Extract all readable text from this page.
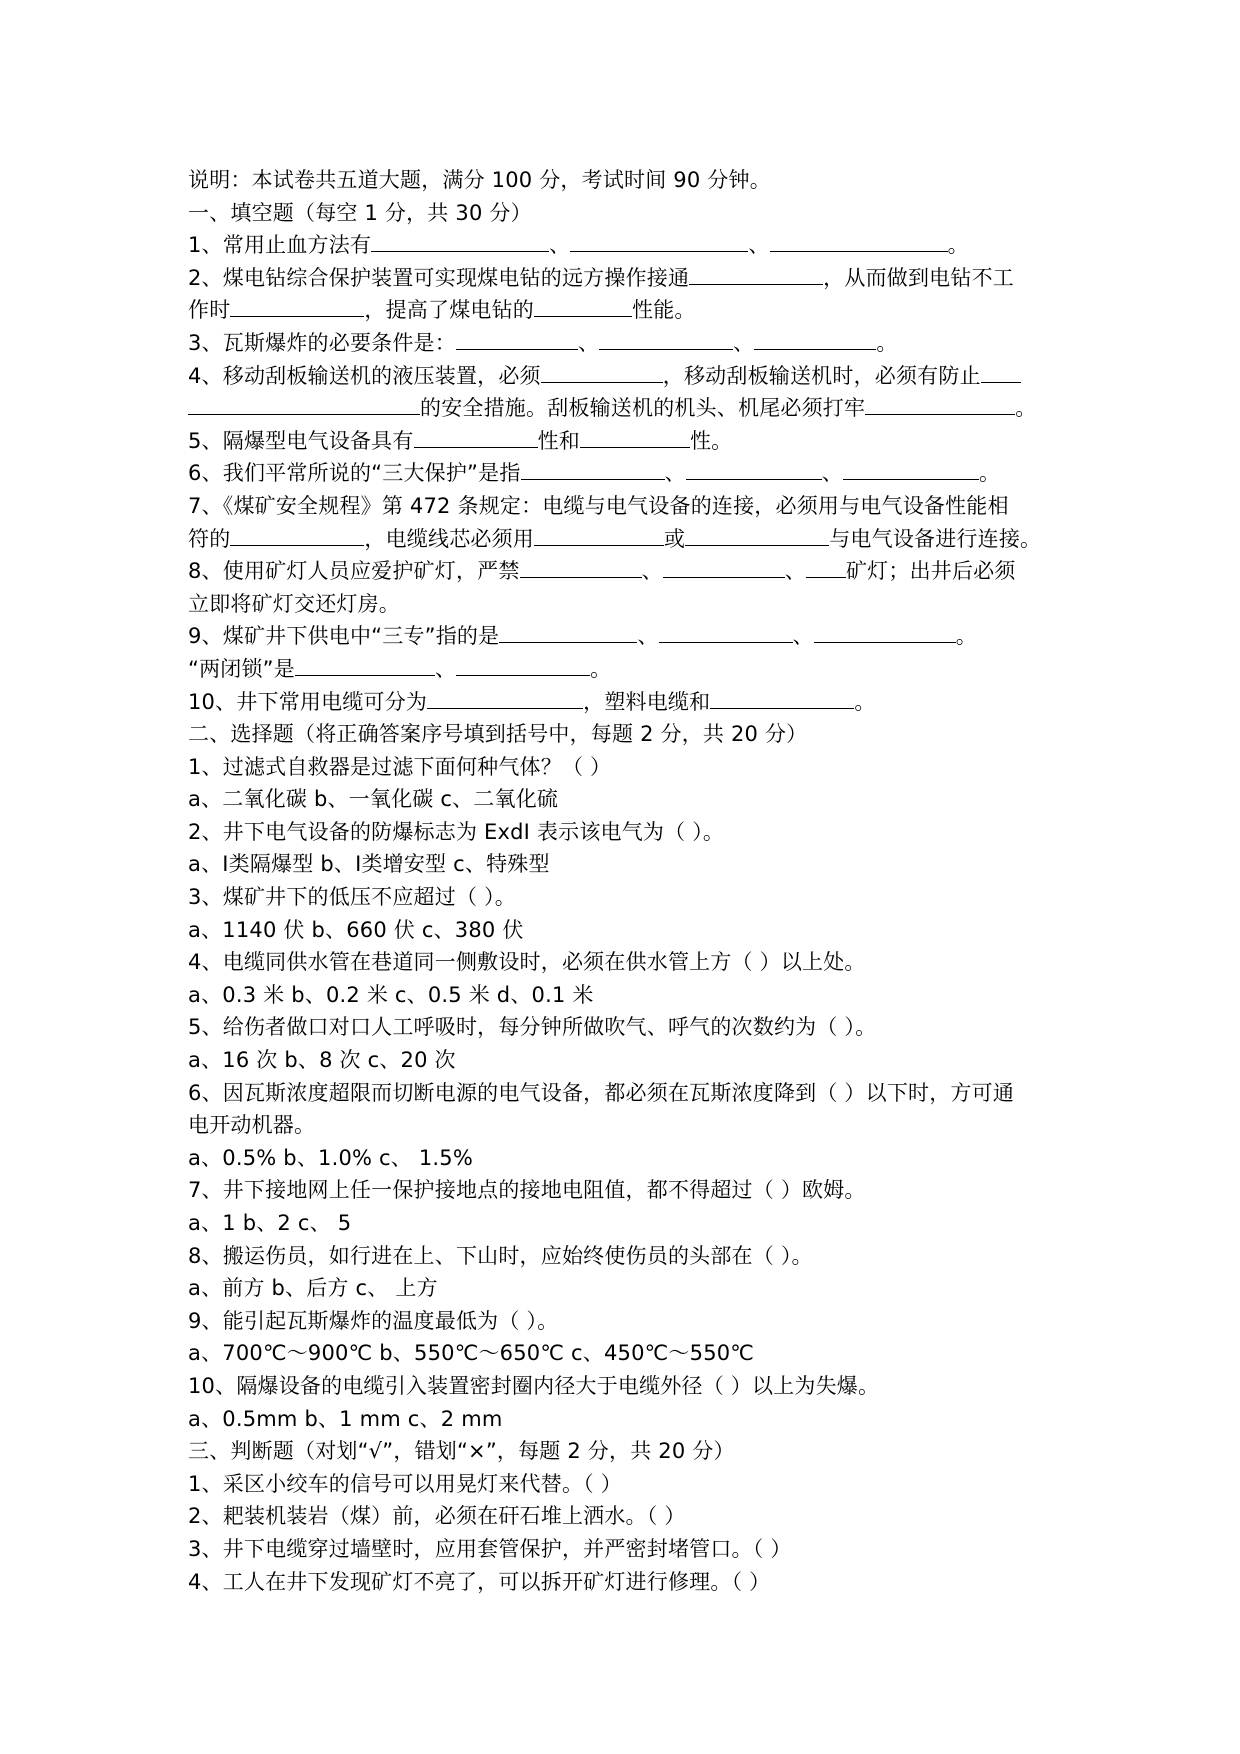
说明：本试卷共五道大题，满分 100 分，考试时间 90 分钟。
一、填空题（每空 1 分，共 30 分）
1、常用止血方法有	、	、	。
2、煤电钻综合保护装置可实现煤电钻的远方操作接通	，从而做到电钻不工
作时	，提高了煤电钻的	性能。
3、瓦斯爆炸的必要条件是：	、	、	。
4、移动刮板输送机的液压装置，必须	，移动刮板输送机时，必须有防止
的安全措施。刮板输送机的机头、机尾必须打牢	。
5、隔爆型电气设备具有	性和	性。
6、我们平常所说的“三大保护”是指	、	、	。
7、《煤矿安全规程》第 472 条规定：电缆与电气设备的连接，必须用与电气设备性能相
符的	，电缆线芯必须用	或	与电气设备进行连接。
8、使用矿灯人员应爱护矿灯，严禁	、	、 矿灯；出井后必须
立即将矿灯交还灯房。
9、煤矿井下供电中“三专”指的是	、	、	。
“两闭锁”是	、	。
10、井下常用电缆可分为	，塑料电缆和	。
二、选择题（将正确答案序号填到括号中，每题 2 分，共 20 分）
1、过滤式自救器是过滤下面何种气体？（ ）
a、二氧化碳 b、一氧化碳 c、二氧化硫
2、井下电气设备的防爆标志为 ExdI 表示该电气为（ ）。
a、Ⅰ类隔爆型 b、Ⅰ类增安型 c、特殊型
3、煤矿井下的低压不应超过（ ）。
a、1140 伏 b、660 伏 c、380 伏
4、电缆同供水管在巷道同一侧敷设时，必须在供水管上方（ ）以上处。
a、0.3 米 b、0.2 米 c、0.5 米 d、0.1 米
5、给伤者做口对口人工呼吸时，每分钟所做吹气、呼气的次数约为（ ）。
a、16 次 b、8 次 c、20 次
6、因瓦斯浓度超限而切断电源的电气设备，都必须在瓦斯浓度降到（ ）以下时，方可通
电开动机器。
a、0.5% b、1.0% c、 1.5%
7、井下接地网上任一保护接地点的接地电阻值，都不得超过（ ）欧姆。
a、1 b、2 c、 5
8、搬运伤员，如行进在上、下山时，应始终使伤员的头部在（ ）。
a、前方 b、后方 c、 上方
9、能引起瓦斯爆炸的温度最低为（ ）。
a、700℃～900℃ b、550℃～650℃ c、450℃～550℃
10、隔爆设备的电缆引入装置密封圈内径大于电缆外径（ ）以上为失爆。
a、0.5mm b、1 mm c、2 mm
三、判断题（对划“√”，错划“×”，每题 2 分，共 20 分）
1、采区小绞车的信号可以用晃灯来代替。（ ）
2、耙装机装岩（煤）前，必须在矸石堆上洒水。（ ）
3、井下电缆穿过墙壁时，应用套管保护，并严密封堵管口。（ ）
4、工人在井下发现矿灯不亮了，可以拆开矿灯进行修理。（ ）
